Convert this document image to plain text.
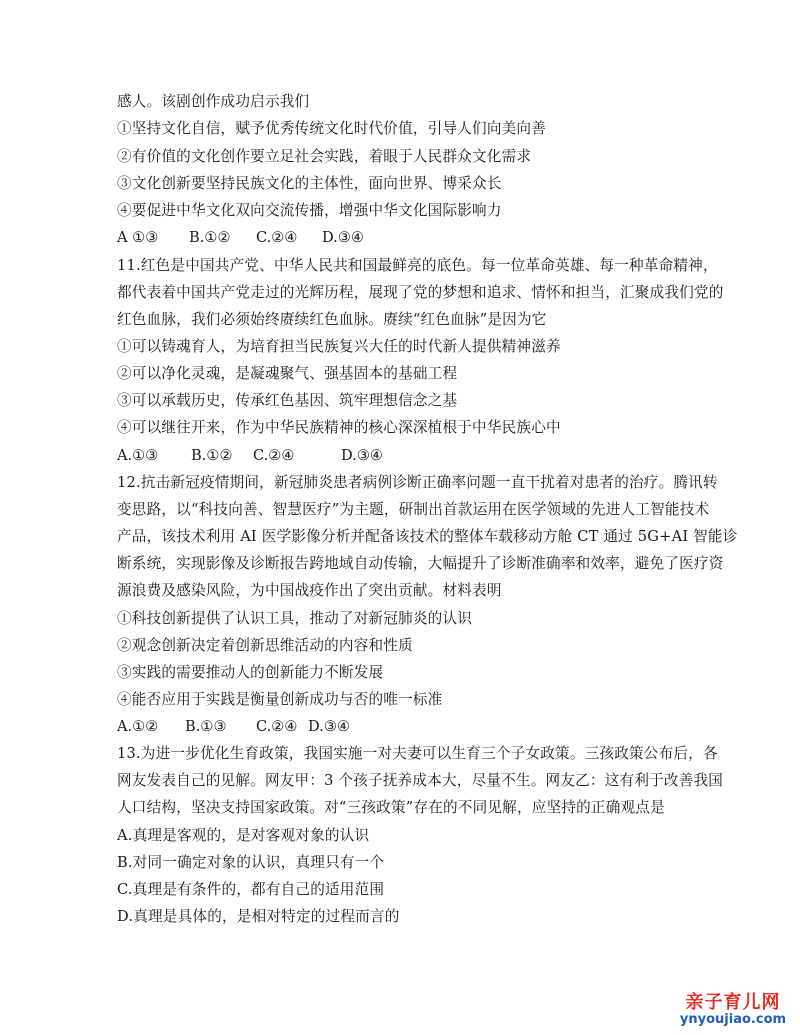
感人。该剧创作成功启示我们
①坚持文化自信，赋予优秀传统文化时代价值，引导人们向美向善
②有价值的文化创作要立足社会实践，着眼于人民群众文化需求
③文化创新要坚持民族文化的主体性，面向世界、博采众长
④要促进中华文化双向交流传播，增强中华文化国际影响力
A ①③ B.①② C.②④ D.③④
11.红色是中国共产党、中华人民共和国最鲜亮的底色。每一位革命英雄、每一种革命精神，
都代表着中国共产党走过的光辉历程，展现了党的梦想和追求、情怀和担当，汇聚成我们党的
红色血脉，我们必须始终赓续红色血脉。赓续“红色血脉”是因为它
①可以铸魂育人，为培育担当民族复兴大任的时代新人提供精神滋养
②可以净化灵魂，是凝魂聚气、强基固本的基础工程
③可以承载历史，传承红色基因、筑牢理想信念之基
④可以继往开来，作为中华民族精神的核心深深植根于中华民族心中
A.①③ B.①② C.②④	D.③④
12.抗击新冠疫情期间，新冠肺炎患者病例诊断正确率问题一直干扰着对患者的治疗。腾讯转
变思路，以“科技向善、智慧医疗”为主题，研制出首款运用在医学领域的先进人工智能技术
产品，该技术利用 AI 医学影像分析并配备该技术的整体车载移动方舱 CT 通过 5G+AI 智能诊
断系统，实现影像及诊断报告跨地域自动传输，大幅提升了诊断准确率和效率，避免了医疗资
源浪费及感染风险，为中国战疫作出了突出贡献。材料表明
①科技创新提供了认识工具，推动了对新冠肺炎的认识
②观念创新决定着创新思维活动的内容和性质
③实践的需要推动人的创新能力不断发展
④能否应用于实践是衡量创新成功与否的唯一标准
A.①② B.①③ C.②④ D.③④
13.为进一步优化生育政策，我国实施一对夫妻可以生育三个子女政策。三孩政策公布后，各
网友发表自己的见解。网友甲：3 个孩子抚养成本大，尽量不生。网友乙：这有利于改善我国
人口结构，坚决支持国家政策。对“三孩政策”存在的不同见解，应坚持的正确观点是
A.真理是客观的，是对客观对象的认识
B.对同一确定对象的认识，真理只有一个
C.真理是有条件的，都有自己的适用范围
D.真理是具体的，是相对特定的过程而言的
亲子育儿网
ynyoujiao.com
